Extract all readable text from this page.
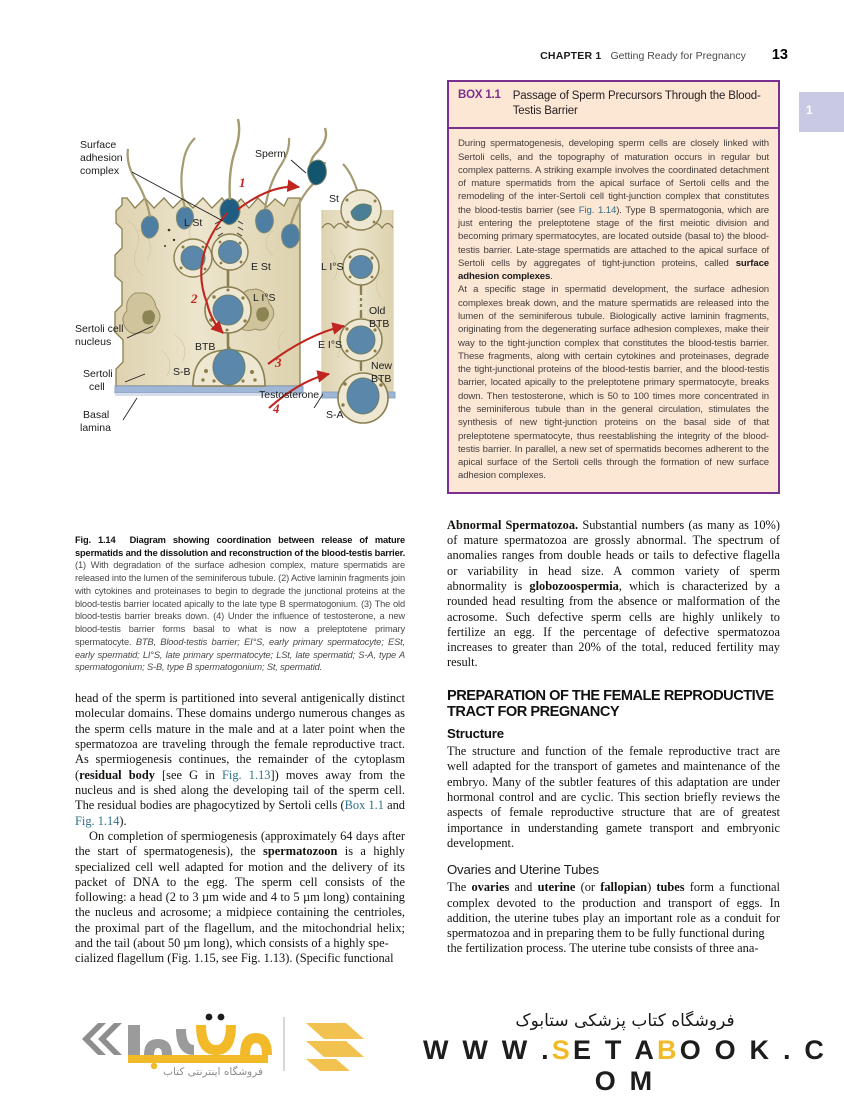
CHAPTER 1 Getting Ready for Pregnancy 13
1
1
2
3
4
Surface
adhesion
complex
Sertoli cell
nucleus
Sertoli
cell
Basal
lamina
Sperm
L St
E St
L I°S
BTB
S-B
St
L I°S
Old
BTB
E I°S
New
BTB
Testosterone
S-A
Fig. 1.14 Diagram showing coordination between release of mature spermatids and the dissolution and reconstruction of the blood-testis barrier. (1) With degradation of the surface adhesion complex, mature spermatids are released into the lumen of the seminiferous tubule. (2) Active laminin fragments join with cytokines and proteinases to begin to degrade the junctional proteins at the blood-testis barrier located apically to the late type B spermatogonium. (3) The old blood-testis barrier breaks down. (4) Under the influence of testosterone, a new blood-testis barrier forms basal to what is now a preleptotene primary spermatocyte. BTB, Blood-testis barrier; EI°S, early primary spermatocyte; ESt, early spermatid; LI°S, late primary spermatocyte; LSt, late spermatid; S-A, type A spermatogonium; S-B, type B spermatogonium; St, spermatid.

head of the sperm is partitioned into several antigenically distinct molecular domains. These domains undergo numerous changes as the sperm cells mature in the male and at a later point when the spermatozoa are traveling through the female reproductive tract. As spermiogenesis continues, the remainder of the cytoplasm (residual body [see G in Fig. 1.13]) moves away from the nucleus and is shed along the developing tail of the sperm cell. The residual bodies are phagocytized by Sertoli cells (Box 1.1 and Fig. 1.14).

On completion of spermiogenesis (approximately 64 days after the start of spermatogenesis), the spermatozoon is a highly specialized cell well adapted for motion and the delivery of its packet of DNA to the egg. The sperm cell consists of the following: a head (2 to 3 µm wide and 4 to 5 µm long) containing the nucleus and acrosome; a midpiece containing the centrioles, the proximal part of the flagellum, and the mitochondrial helix; and the tail (about 50 µm long), which consists of a highly spe-

cialized flagellum (Fig. 1.15, see Fig. 1.13). (Specific functional

BOX 1.1 Passage of Sperm Precursors Through the Blood-Testis Barrier

During spermatogenesis, developing sperm cells are closely linked with Sertoli cells, and the topography of maturation occurs in regular but complex patterns. A striking example involves the coordinated detachment of mature spermatids from the apical surface of Sertoli cells and the remodeling of the inter-Sertoli cell tight-junction complex that constitutes the blood-testis barrier (see Fig. 1.14). Type B spermatogonia, which are just entering the preleptotene stage of the first meiotic division and becoming primary spermatocytes, are located outside (basal to) the blood-testis barrier. Late-stage spermatids are attached to the apical surface of Sertoli cells by aggregates of tight-junction proteins, called surface adhesion complexes.

At a specific stage in spermatid development, the surface adhesion complexes break down, and the mature spermatids are released into the lumen of the seminiferous tubule. Biologically active laminin fragments, originating from the degenerating surface adhesion complexes, make their way to the tight-junction complex that constitutes the blood-testis barrier. These fragments, along with certain cytokines and proteinases, degrade the tight-junctional proteins of the blood-testis barrier, and the blood-testis barrier, located apically to the preleptotene primary spermatocyte, breaks down. Then testosterone, which is 50 to 100 times more concentrated in the seminiferous tubule than in the general circulation, stimulates the synthesis of new tight-junction proteins on the basal side of that preleptotene spermatocyte, thus reestablishing the integrity of the blood-testis barrier. In parallel, a new set of spermatids becomes adherent to the apical surface of the Sertoli cells through the formation of new surface adhesion complexes.

Abnormal Spermatozoa. Substantial numbers (as many as 10%) of mature spermatozoa are grossly abnormal. The spectrum of anomalies ranges from double heads or tails to defective flagella or variability in head size. A common variety of sperm abnormality is globozoospermia, which is characterized by a rounded head resulting from the absence or malformation of the acrosome. Such defective sperm cells are highly unlikely to fertilize an egg. If the percentage of defective spermatozoa increases to greater than 20% of the total, reduced fertility may result.

PREPARATION OF THE FEMALE REPRODUCTIVE TRACT FOR PREGNANCY
Structure

The structure and function of the female reproductive tract are well adapted for the transport of gametes and maintenance of the embryo. Many of the subtler features of this adaptation are under hormonal control and are cyclic. This section briefly reviews the aspects of female reproductive structure that are of greatest importance in understanding gamete transport and embryonic development.

Ovaries and Uterine Tubes

The ovaries and uterine (or fallopian) tubes form a functional complex devoted to the production and transport of eggs. In addition, the uterine tubes play an important role as a conduit for spermatozoa and in preparing them to be fully functional during

the fertilization process. The uterine tube consists of three ana-

فروشگاه اینترنتی کتاب
فروشگاه کتاب پزشکی ستابوک
W W W .SE T ABO O K . C O M
